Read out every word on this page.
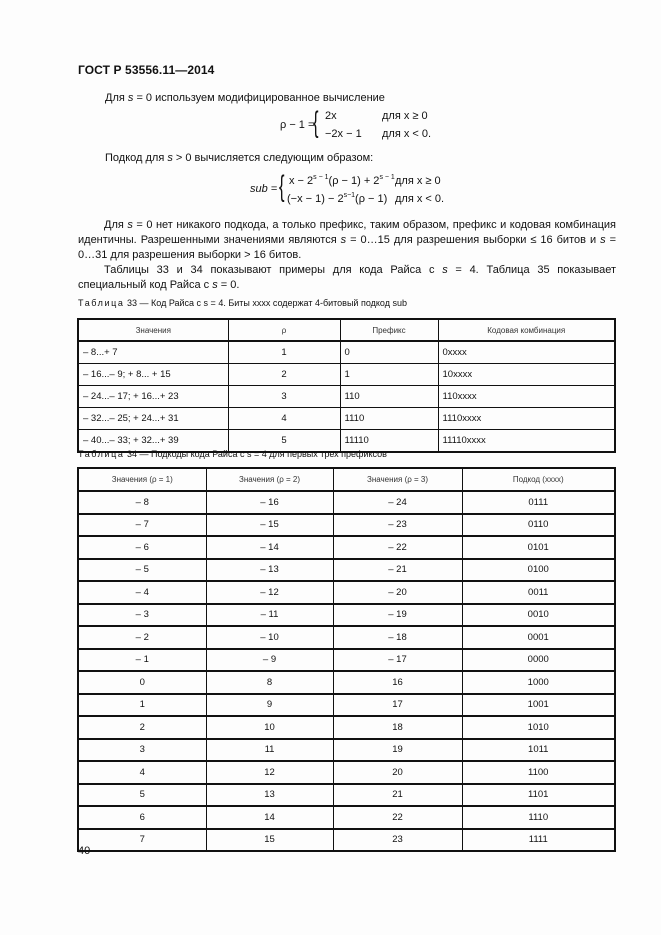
ГОСТ Р 53556.11—2014
Для s = 0 используем модифицированное вычисление
ρ − 1 =
{ 2x	для x ≥ 0
−2x − 1 для x < 0.
Подкод для s > 0 вычисляется следующим образом:
sub = { $x - 2^{s - 1}(\rho - 1) + 2^{s - 1}$ для x ≥ 0
$(-x - 1) - 2^{s-1}(\rho - 1)$ для x < 0.
Для s = 0 нет никакого подкода, а только префикс, таким образом, префикс и кодовая комбинация идентичны. Разрешенными значениями являются s = 0…15 для разрешения выборки ≤ 16 битов и s = 0…31 для разрешения выборки > 16 битов.
Таблицы 33 и 34 показывают примеры для кода Райса с s = 4. Таблица 35 показывает специальный код Райса с s = 0.
Таблица 33 — Код Райса с s = 4. Биты xxxx содержат 4-битовый подкод sub
Значения	ρ	Префикс	Кодовая комбинация
– 8...+ 7	1	0	0xxxx
– 16...– 9; + 8... + 15	2	1	10xxxx
– 24...– 17; + 16...+ 23	3	110	110xxxx
– 32...– 25; + 24...+ 31	4	1110	1110xxxx
– 40...– 33; + 32...+ 39	5	11110	11110xxxx
Таблица 34 — Подкоды кода Райса с s = 4 для первых трех префиксов
Значения (ρ = 1)	Значения (ρ = 2)	Значения (ρ = 3)	Подкод (xxxx)
– 8	– 16	– 24	0111
– 7	– 15	– 23	0110
– 6	– 14	– 22	0101
– 5	– 13	– 21	0100
– 4	– 12	– 20	0011
– 3	– 11	– 19	0010
– 2	– 10	– 18	0001
– 1	– 9	– 17	0000
0	8	16	1000
1	9	17	1001
2	10	18	1010
3	11	19	1011
4	12	20	1100
5	13	21	1101
6	14	22	1110
7	15	23	1111
40
